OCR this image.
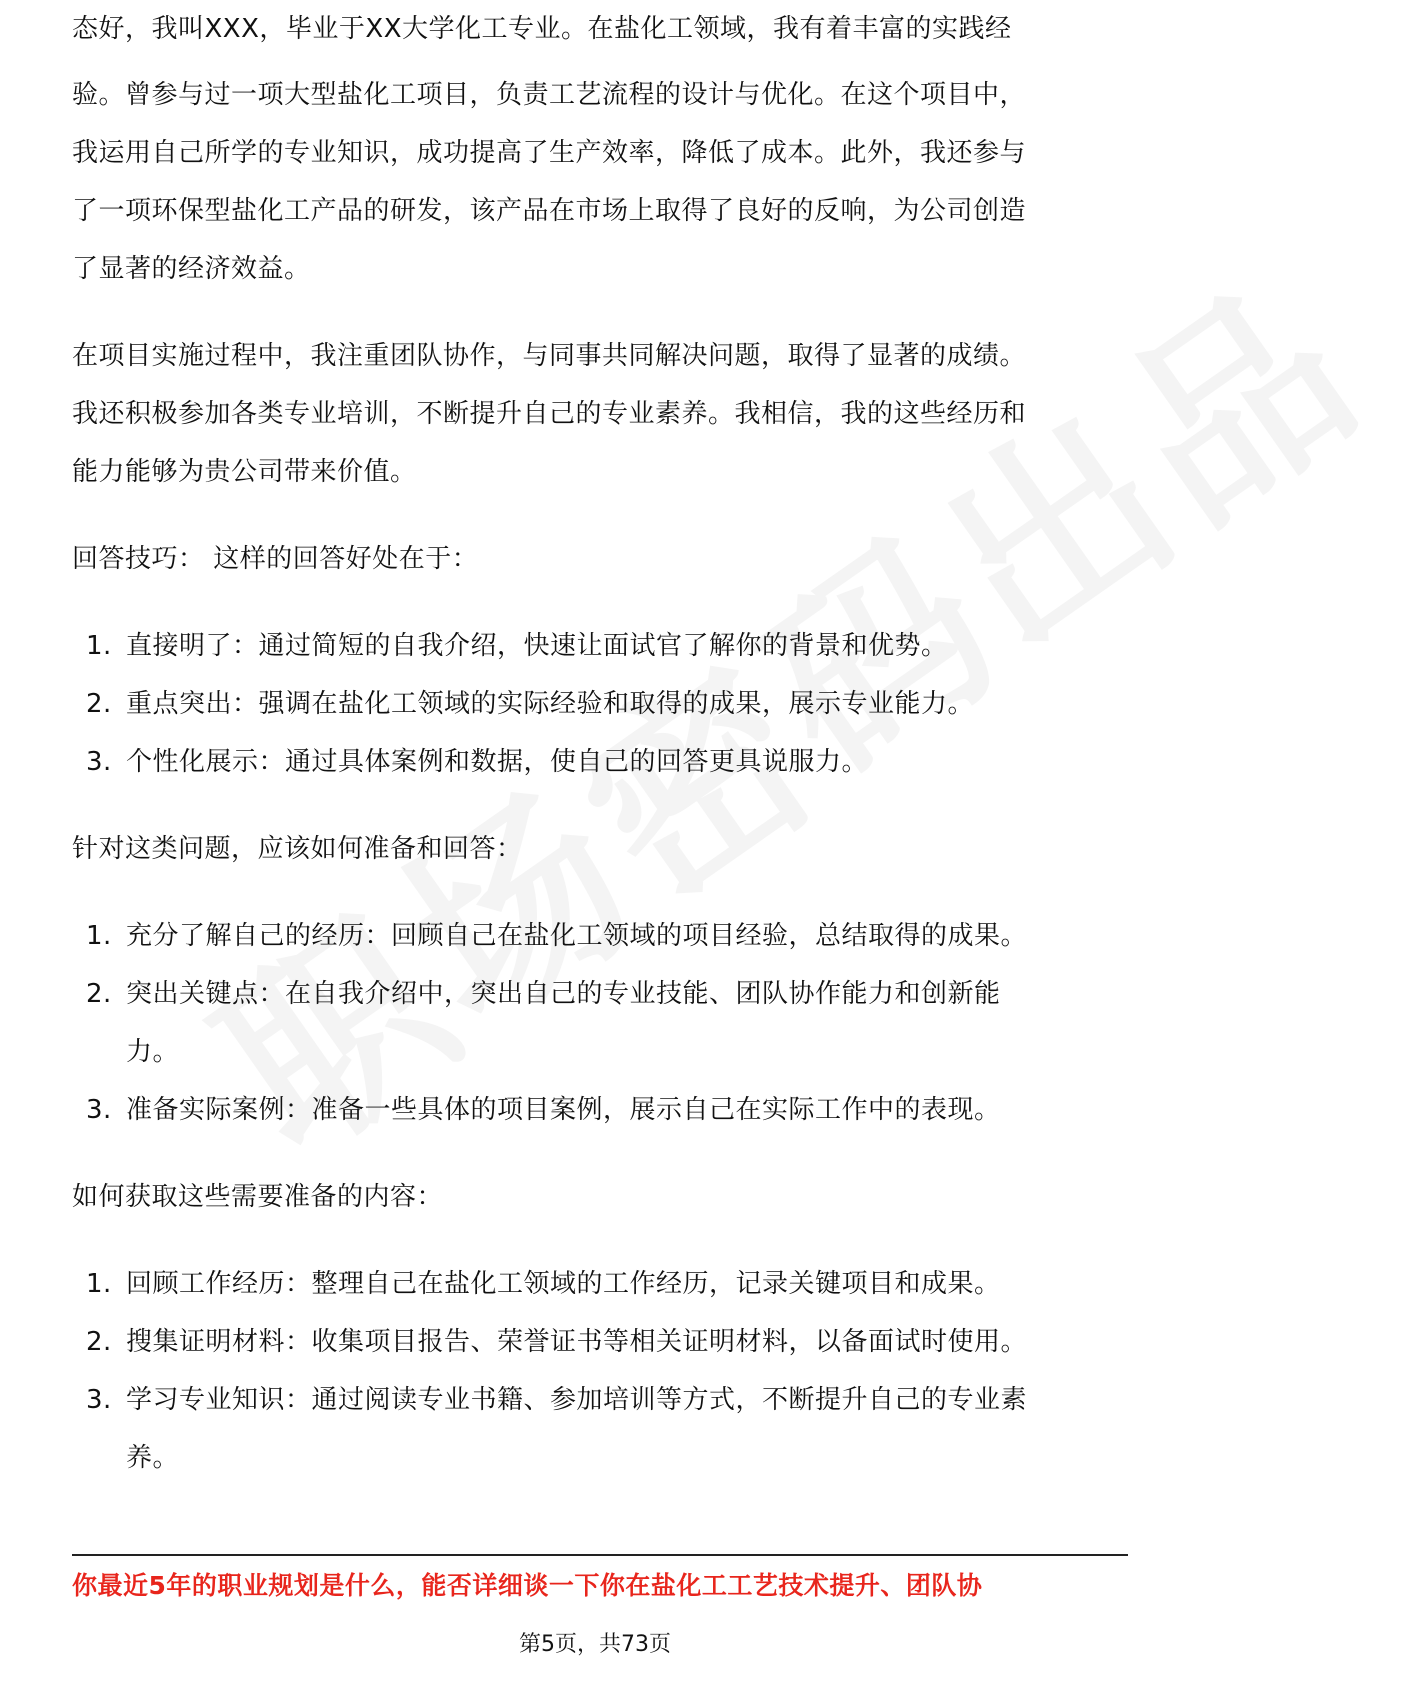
态好，我叫XXX，毕业于XX大学化工专业。在盐化工领域，我有着丰富的实践经
验。曾参与过一项大型盐化工项目，负责工艺流程的设计与优化。在这个项目中，
我运用自己所学的专业知识，成功提高了生产效率，降低了成本。此外，我还参与
了一项环保型盐化工产品的研发，该产品在市场上取得了良好的反响，为公司创造
了显著的经济效益。
在项目实施过程中，我注重团队协作，与同事共同解决问题，取得了显著的成绩。
我还积极参加各类专业培训，不断提升自己的专业素养。我相信，我的这些经历和
能力能够为贵公司带来价值。
回答技巧： 这样的回答好处在于：
1. 直接明了：通过简短的自我介绍，快速让面试官了解你的背景和优势。
2. 重点突出：强调在盐化工领域的实际经验和取得的成果，展示专业能力。
3. 个性化展示：通过具体案例和数据，使自己的回答更具说服力。
针对这类问题，应该如何准备和回答：
1. 充分了解自己的经历：回顾自己在盐化工领域的项目经验，总结取得的成果。
2. 突出关键点：在自我介绍中，突出自己的专业技能、团队协作能力和创新能
力。
3. 准备实际案例：准备一些具体的项目案例，展示自己在实际工作中的表现。
如何获取这些需要准备的内容：
1. 回顾工作经历：整理自己在盐化工领域的工作经历，记录关键项目和成果。
2. 搜集证明材料：收集项目报告、荣誉证书等相关证明材料，以备面试时使用。
3. 学习专业知识：通过阅读专业书籍、参加培训等方式，不断提升自己的专业素
养。
你最近5年的职业规划是什么，能否详细谈一下你在盐化工工艺技术提升、团队协
第5页，共73页
